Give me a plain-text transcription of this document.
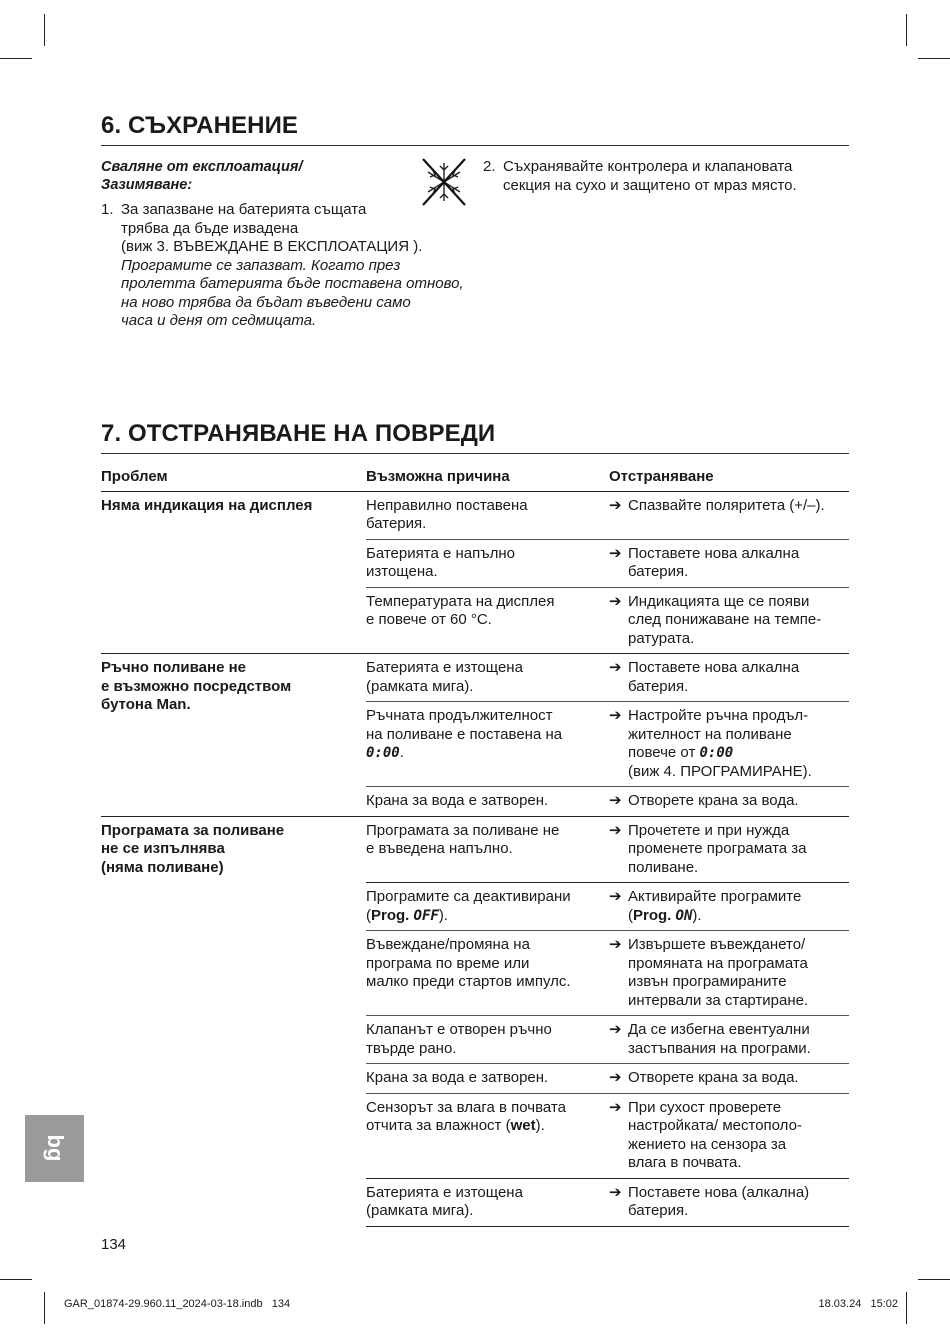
6. СЪХРАНЕНИЕ
Сваляне от експлоатация/
Зазимяване:
1. За запазване на батерията същата
трябва да бъде извадена
(виж 3. ВЪВЕЖДАНЕ В ЕКСПЛОАТАЦИЯ ).
Програмите се запазват. Когато през
пролетта батерията бъде поставена отново,
на ново трябва да бъдат въведени само
часа и деня от седмицата.
2. Съхранявайте контролера и клапановата
секция на сухо и защитено от мраз място.
7. ОТСТРАНЯВАНЕ НА ПОВРЕДИ
Проблем	Възможна причина	Отстраняване
Няма индикация на дисплея	Неправилно поставена
батерия.	➔ Спазвайте поляритета (+/–).

	Батерията е напълно
изтощена.	➔ Поставете нова алкална
батерия.

	Температурата на дисплея
е повече от 60 °C.	➔ Индикацията ще се появи
след понижаване на темпе-
ратурата.

Ръчно поливане не
е възможно посредством
бутона Man.	Батерията е изтощена
(рамката мига).	➔ Поставете нова алкална
батерия.

	Ръчната продължителност
на поливане е поставена на
0:00.	➔ Настройте ръчна продъл-
жителност на поливане
повече от 0:00
(виж 4. ПРОГРАМИРАНЕ).

	Крана за вода е затворен.	➔ Отворете крана за вода.

Програмата за поливане
не се изпълнява
(няма поливане)	Програмата за поливане не
е въведена напълно.	➔ Прочетете и при нужда
променете програмата за
поливане.

	Програмите са деактивирани
(Prog. OFF).	➔ Активирайте програмите
(Prog. ON).

	Въвеждане/промяна на
програма по време или
малко преди стартов импулс.	➔ Извършете въвеждането/
промяната на програмата
извън програмираните
интервали за стартиране.

	Клапанът е отворен ръчно
твърде рано.	➔ Да се избегна евентуални
застъпвания на програми.

	Крана за вода е затворен.	➔ Отворете крана за вода.

	Сензорът за влага в почвата
отчита за влажност (wet).	➔ При сухост проверете
настройката/ местополо-
жението на сензора за
влага в почвата.

	Батерията е изтощена
(рамката мига).	➔ Поставете нова (алкална)
батерия.
bg
134
GAR_01874-29.960.11_2024-03-18.indb   134	18.03.24   15:02
